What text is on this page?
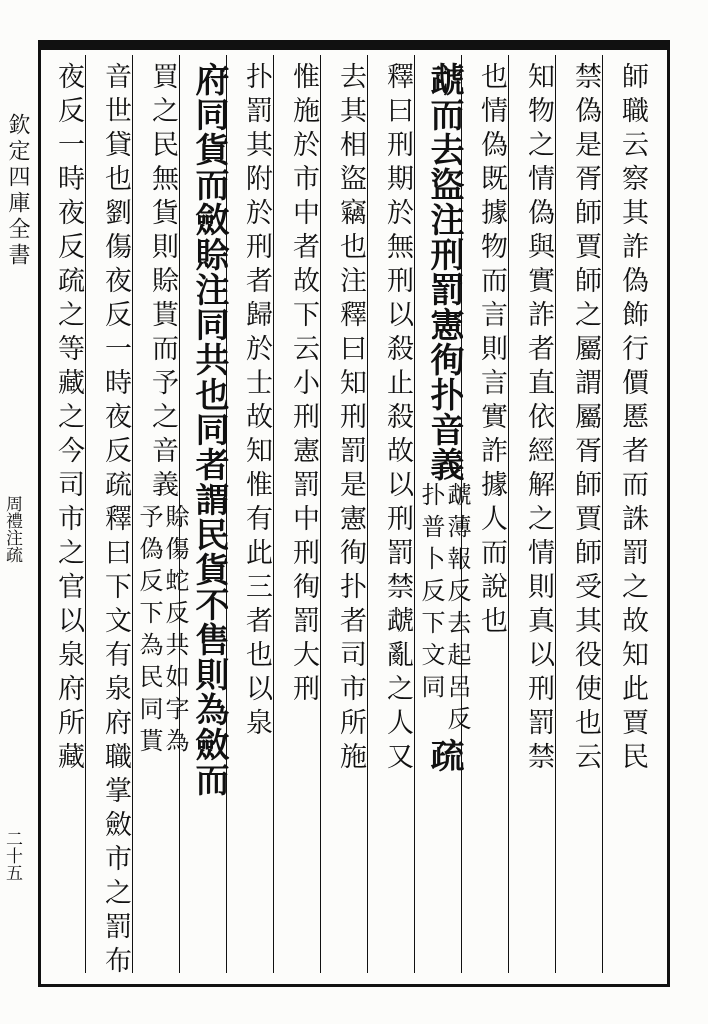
欽定四庫全書
周禮注疏
二十五
師職云察其詐偽飾行價慝者而誅罰之故知此賈民
禁偽是胥師賈師之屬謂屬胥師賈師受其役使也云
知物之情偽與實詐者直依經解之情則真以刑罰禁
也情偽既據物而言則言實詐據人而說也
虣而去盜注刑罰憲徇扑音義
虣薄報反去起呂反
扑普卜反下文同
疏
釋曰刑期於無刑以殺止殺故以刑罰禁虣亂之人又
去其相盜竊也注釋曰知刑罰是憲徇扑者司市所施
惟施於市中者故下云小刑憲罰中刑徇罰大刑
扑罰其附於刑者歸於士故知惟有此三者也以泉
府同貨而斂賒注同共也同者謂民貨不售則為斂而
買之民無貨則賒貰而予之音義
賒傷蛇反共如字為
予偽反下為民同貰
音世貸也劉傷夜反一時夜反疏釋曰下文有泉府職掌斂市之罰布
夜反一時夜反疏之等藏之今司市之官以泉府所藏
